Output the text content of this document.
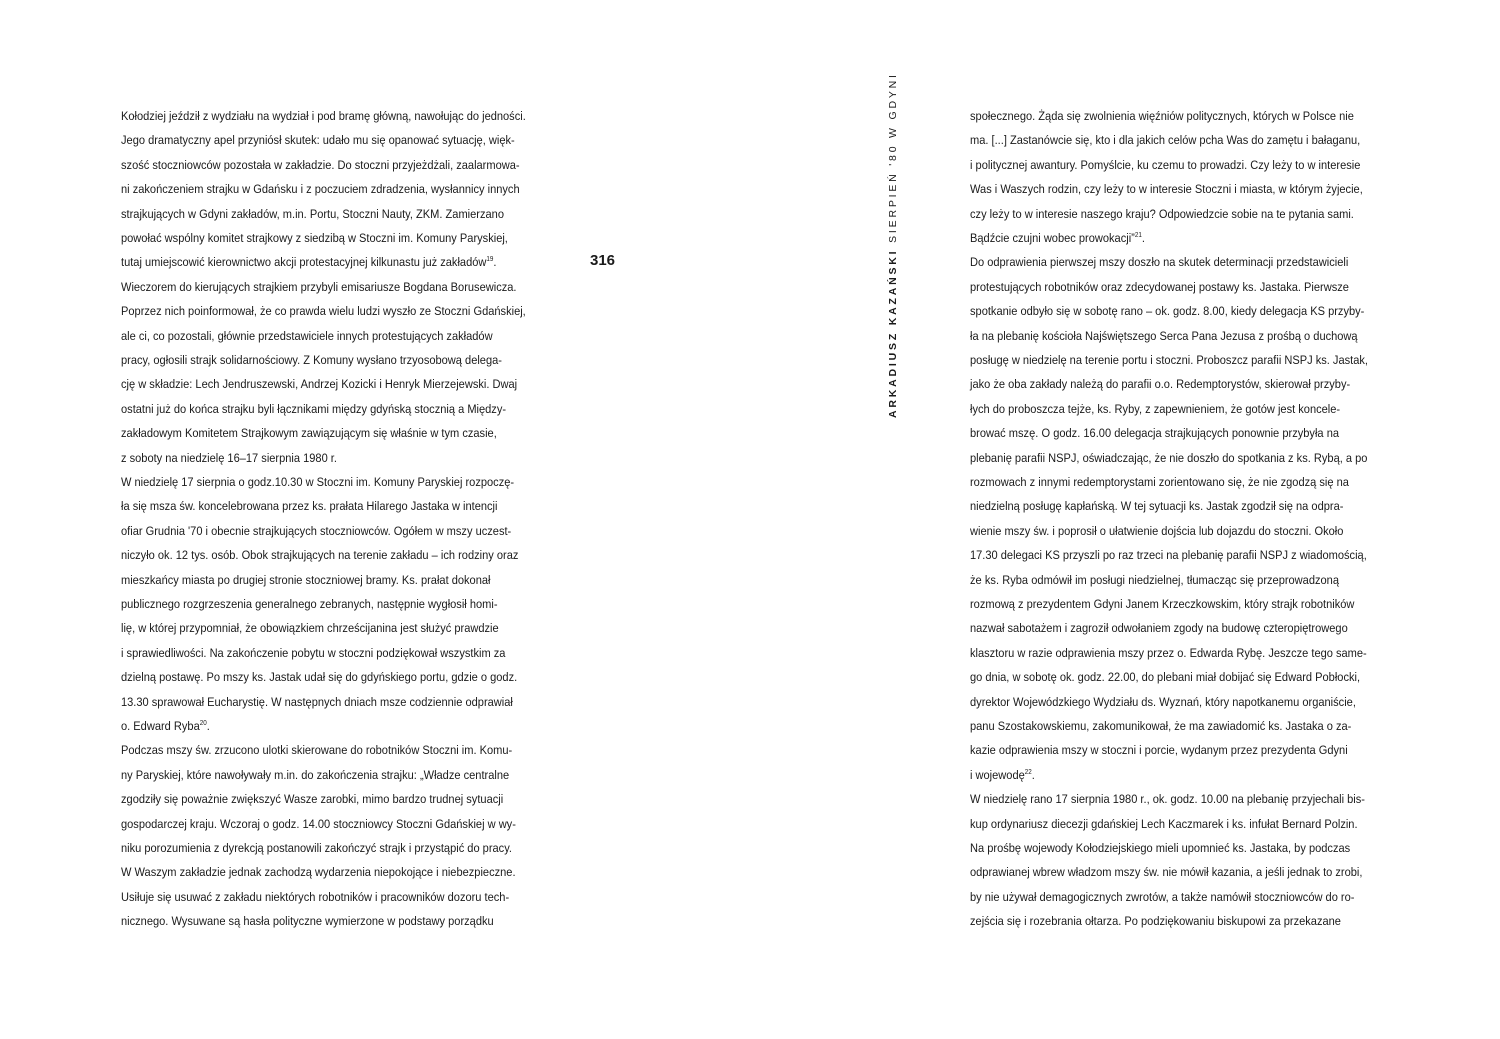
Kołodziej jeździł z wydziału na wydział i pod bramę główną, nawołując do jedności.
Jego dramatyczny apel przyniósł skutek: udało mu się opanować sytuację, więk-
szość stoczniowców pozostała w zakładzie. Do stoczni przyjeżdżali, zaalarmowa-
ni zakończeniem strajku w Gdańsku i z poczuciem zdradzenia, wysłannicy innych
strajkujących w Gdyni zakładów, m.in. Portu, Stoczni Nauty, ZKM. Zamierzano
powołać wspólny komitet strajkowy z siedzibą w Stoczni im. Komuny Paryskiej,
tutaj umiejscowić kierownictwo akcji protestacyjnej kilkunastu już zakładów$^{19}$.
Wieczorem do kierujących strajkiem przybyli emisariusze Bogdana Borusewicza.
Poprzez nich poinformował, że co prawda wielu ludzi wyszło ze Stoczni Gdańskiej,
ale ci, co pozostali, głównie przedstawiciele innych protestujących zakładów
pracy, ogłosili strajk solidarnościowy. Z Komuny wysłano trzyosobową delega-
cję w składzie: Lech Jendruszewski, Andrzej Kozicki i Henryk Mierzejewski. Dwaj
ostatni już do końca strajku byli łącznikami między gdyńską stocznią a Między-
zakładowym Komitetem Strajkowym zawiązującym się właśnie w tym czasie,
z soboty na niedzielę 16–17 sierpnia 1980 r.
W niedzielę 17 sierpnia o godz.10.30 w Stoczni im. Komuny Paryskiej rozpoczę-
ła się msza św. koncelebrowana przez ks. prałata Hilarego Jastaka w intencji
ofiar Grudnia '70 i obecnie strajkujących stoczniowców. Ogółem w mszy uczest-
niczyło ok. 12 tys. osób. Obok strajkujących na terenie zakładu – ich rodziny oraz
mieszkańcy miasta po drugiej stronie stoczniowej bramy. Ks. prałat dokonał
publicznego rozgrzeszenia generalnego zebranych, następnie wygłosił homi-
lię, w której przypomniał, że obowiązkiem chrześcijanina jest służyć prawdzie
i sprawiedliwości. Na zakończenie pobytu w stoczni podziękował wszystkim za
dzielną postawę. Po mszy ks. Jastak udał się do gdyńskiego portu, gdzie o godz.
13.30 sprawował Eucharystię. W następnych dniach msze codziennie odprawiał
o. Edward Ryba$^{20}$.
Podczas mszy św. zrzucono ulotki skierowane do robotników Stoczni im. Komu-
ny Paryskiej, które nawoływały m.in. do zakończenia strajku: „Władze centralne
zgodziły się poważnie zwiększyć Wasze zarobki, mimo bardzo trudnej sytuacji
gospodarczej kraju. Wczoraj o godz. 14.00 stoczniowcy Stoczni Gdańskiej w wy-
niku porozumienia z dyrekcją postanowili zakończyć strajk i przystąpić do pracy.
W Waszym zakładzie jednak zachodzą wydarzenia niepokojące i niebezpieczne.
Usiłuje się usuwać z zakładu niektórych robotników i pracowników dozoru tech-
nicznego. Wysuwane są hasła polityczne wymierzone w podstawy porządku
316	ARKADIUSZ KAZAŃSKI SIERPIEŃ '80 W GDYNI	społecznego. Żąda się zwolnienia więźniów politycznych, których w Polsce nie
ma. [...] Zastanówcie się, kto i dla jakich celów pcha Was do zamętu i bałaganu,
i politycznej awantury. Pomyślcie, ku czemu to prowadzi. Czy leży to w interesie
Was i Waszych rodzin, czy leży to w interesie Stoczni i miasta, w którym żyjecie,
czy leży to w interesie naszego kraju? Odpowiedzcie sobie na te pytania sami.
Bądźcie czujni wobec prowokacji”$^{21}$.
Do odprawienia pierwszej mszy doszło na skutek determinacji przedstawicieli
protestujących robotników oraz zdecydowanej postawy ks. Jastaka. Pierwsze
spotkanie odbyło się w sobotę rano – ok. godz. 8.00, kiedy delegacja KS przyby-
ła na plebanię kościoła Najświętszego Serca Pana Jezusa z prośbą o duchową
posługę w niedzielę na terenie portu i stoczni. Proboszcz parafii NSPJ ks. Jastak,
jako że oba zakłady należą do parafii o.o. Redemptorystów, skierował przyby-
łych do proboszcza tejże, ks. Ryby, z zapewnieniem, że gotów jest koncele-
brować mszę. O godz. 16.00 delegacja strajkujących ponownie przybyła na
plebanię parafii NSPJ, oświadczając, że nie doszło do spotkania z ks. Rybą, a po
rozmowach z innymi redemptorystami zorientowano się, że nie zgodzą się na
niedzielną posługę kapłańską. W tej sytuacji ks. Jastak zgodził się na odpra-
wienie mszy św. i poprosił o ułatwienie dojścia lub dojazdu do stoczni. Około
17.30 delegaci KS przyszli po raz trzeci na plebanię parafii NSPJ z wiadomością,
że ks. Ryba odmówił im posługi niedzielnej, tłumacząc się przeprowadzoną
rozmową z prezydentem Gdyni Janem Krzeczkowskim, który strajk robotników
nazwał sabotażem i zagroził odwołaniem zgody na budowę czteropiętrowego
klasztoru w razie odprawienia mszy przez o. Edwarda Rybę. Jeszcze tego same-
go dnia, w sobotę ok. godz. 22.00, do plebani miał dobijać się Edward Pobłocki,
dyrektor Wojewódzkiego Wydziału ds. Wyznań, który napotkanemu organiście,
panu Szostakowskiemu, zakomunikował, że ma zawiadomić ks. Jastaka o za-
kazie odprawienia mszy w stoczni i porcie, wydanym przez prezydenta Gdyni
i wojewodę$^{22}$.
W niedzielę rano 17 sierpnia 1980 r., ok. godz. 10.00 na plebanię przyjechali bis-
kup ordynariusz diecezji gdańskiej Lech Kaczmarek i ks. infułat Bernard Polzin.
Na prośbę wojewody Kołodziejskiego mieli upomnieć ks. Jastaka, by podczas
odprawianej wbrew władzom mszy św. nie mówił kazania, a jeśli jednak to zrobi,
by nie używał demagogicznych zwrotów, a także namówił stoczniowców do ro-
zejścia się i rozebrania ołtarza. Po podziękowaniu biskupowi za przekazane
